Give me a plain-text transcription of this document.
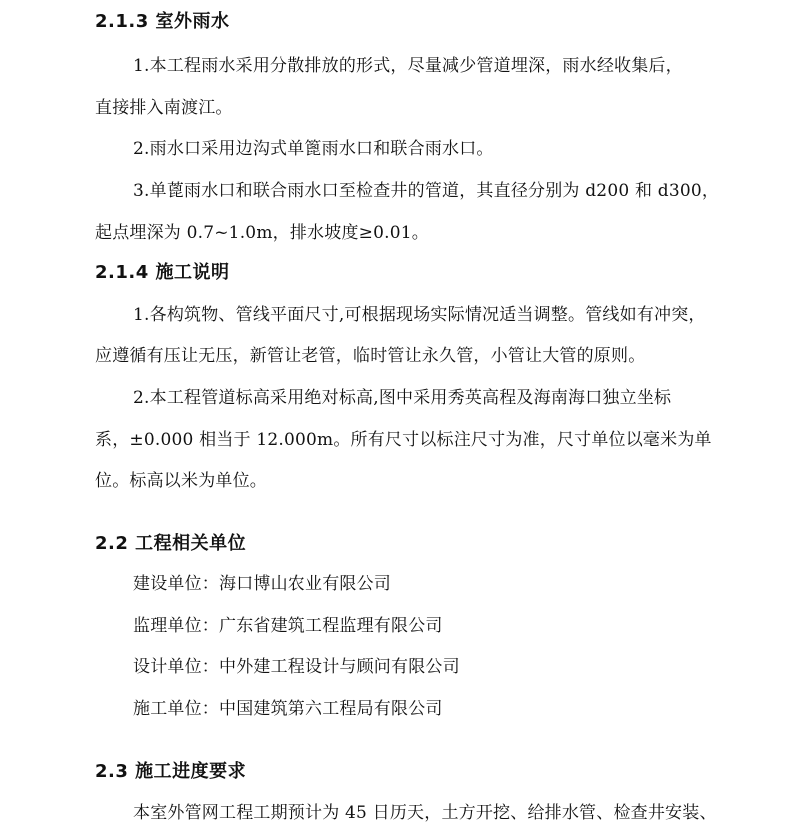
2.1.3 室外雨水
1.本工程雨水采用分散排放的形式，尽量减少管道埋深，雨水经收集后，
直接排入南渡江。
2.雨水口采用边沟式单篦雨水口和联合雨水口。
3.单蓖雨水口和联合雨水口至检查井的管道，其直径分别为 d200 和 d300，
起点埋深为 0.7~1.0m，排水坡度≥0.01。
2.1.4 施工说明
1.各构筑物、管线平面尺寸,可根据现场实际情况适当调整。管线如有冲突，
应遵循有压让无压，新管让老管，临时管让永久管，小管让大管的原则。
2.本工程管道标高采用绝对标高,图中采用秀英高程及海南海口独立坐标
系，±0.000 相当于 12.000m。所有尺寸以标注尺寸为准，尺寸单位以毫米为单
位。标高以米为单位。
2.2 工程相关单位
建设单位：海口博山农业有限公司
监理单位：广东省建筑工程监理有限公司
设计单位：中外建工程设计与顾问有限公司
施工单位：中国建筑第六工程局有限公司
2.3 施工进度要求
本室外管网工程工期预计为 45 日历天，土方开挖、给排水管、检查井安装、
